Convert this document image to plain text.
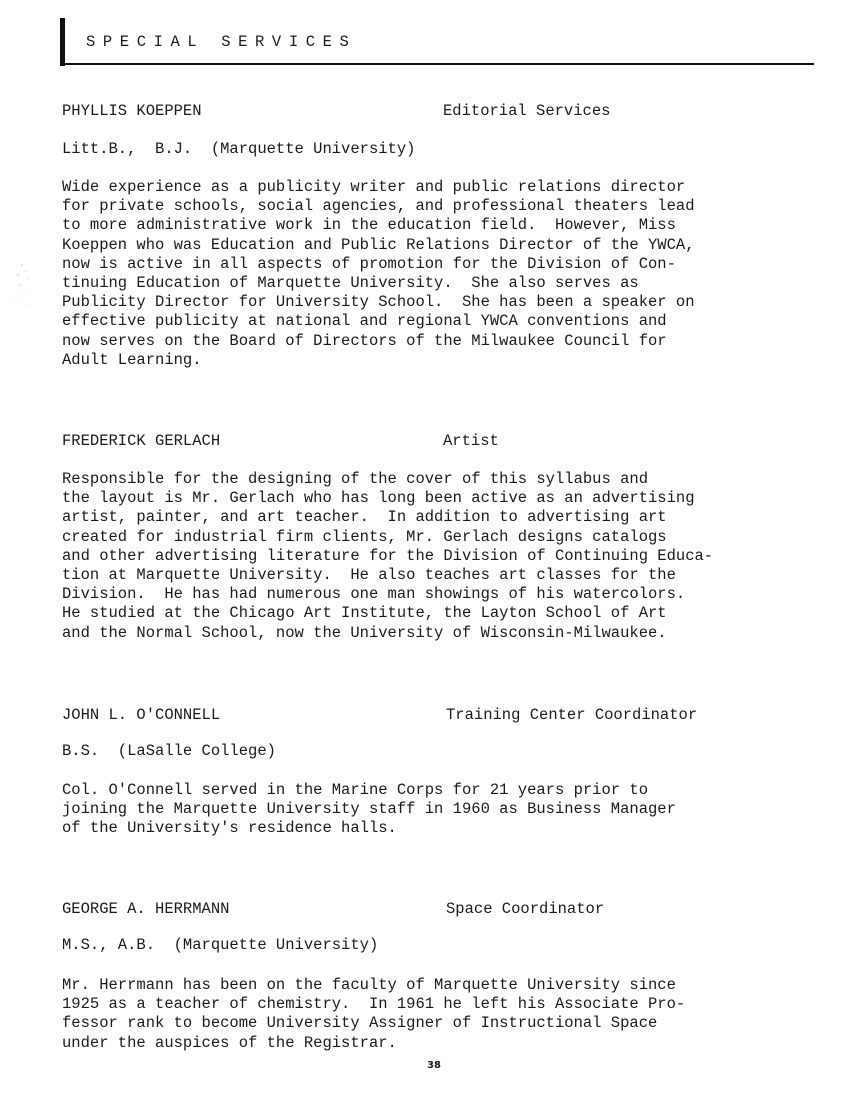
SPECIAL SERVICES
PHYLLIS KOEPPEN	Editorial Services
Litt.B.,  B.J.  (Marquette University)
Wide experience as a publicity writer and public relations director
for private schools, social agencies, and professional theaters lead
to more administrative work in the education field.  However, Miss
Koeppen who was Education and Public Relations Director of the YWCA,
now is active in all aspects of promotion for the Division of Con-
tinuing Education of Marquette University.  She also serves as
Publicity Director for University School.  She has been a speaker on
effective publicity at national and regional YWCA conventions and
now serves on the Board of Directors of the Milwaukee Council for
Adult Learning.
FREDERICK GERLACH	Artist
Responsible for the designing of the cover of this syllabus and
the layout is Mr. Gerlach who has long been active as an advertising
artist, painter, and art teacher.  In addition to advertising art
created for industrial firm clients, Mr. Gerlach designs catalogs
and other advertising literature for the Division of Continuing Educa-
tion at Marquette University.  He also teaches art classes for the
Division.  He has had numerous one man showings of his watercolors.
He studied at the Chicago Art Institute, the Layton School of Art
and the Normal School, now the University of Wisconsin-Milwaukee.
JOHN L. O'CONNELL	Training Center Coordinator
B.S.  (LaSalle College)
Col. O'Connell served in the Marine Corps for 21 years prior to
joining the Marquette University staff in 1960 as Business Manager
of the University's residence halls.
GEORGE A. HERRMANN	Space Coordinator
M.S., A.B.  (Marquette University)
Mr. Herrmann has been on the faculty of Marquette University since
1925 as a teacher of chemistry.  In 1961 he left his Associate Pro-
fessor rank to become University Assigner of Instructional Space
under the auspices of the Registrar.
38
